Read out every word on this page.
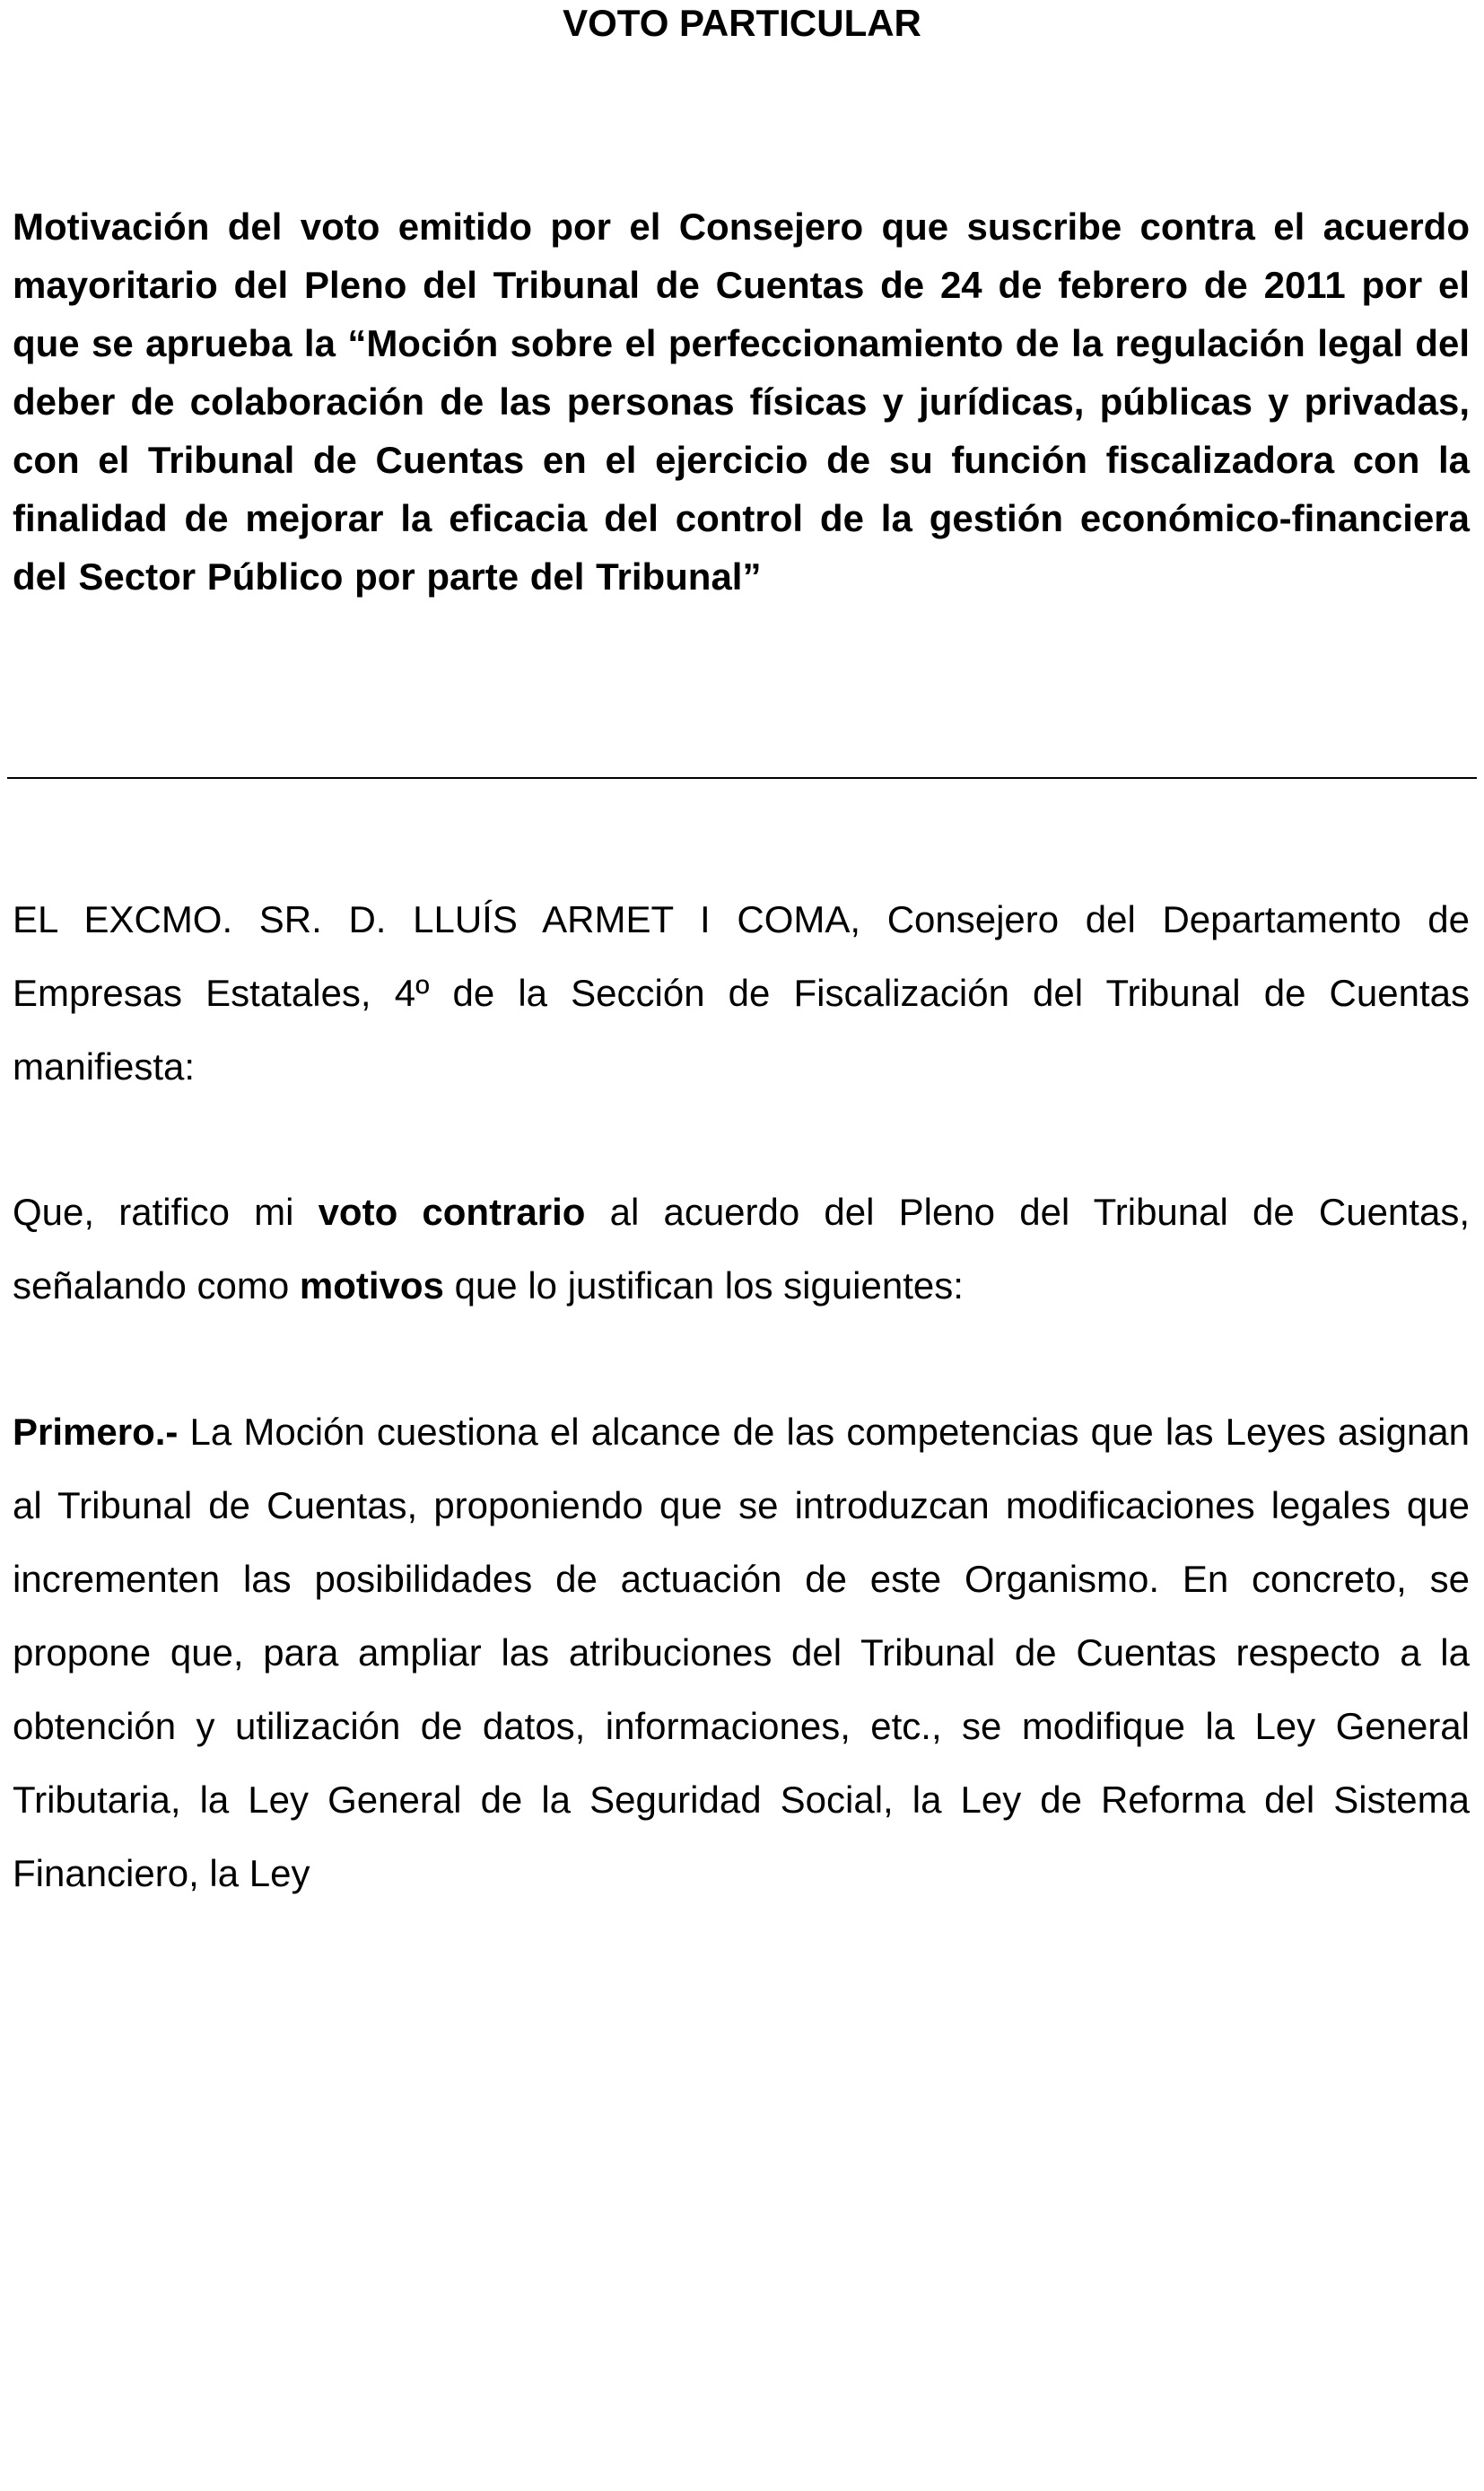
VOTO PARTICULAR

Motivación del voto emitido por el Consejero que suscribe contra el acuerdo mayoritario del Pleno del Tribunal de Cuentas de 24 de febrero de 2011 por el que se aprueba la “Moción sobre el perfeccionamiento de la regulación legal del deber de colaboración de las personas físicas y jurídicas, públicas y privadas, con el Tribunal de Cuentas en el ejercicio de su función fiscalizadora con la finalidad de mejorar la eficacia del control de la gestión económico-financiera del Sector Público por parte del Tribunal”

EL EXCMO. SR. D. LLUÍS ARMET I COMA, Consejero del Departamento de Empresas Estatales, 4º de la Sección de Fiscalización del Tribunal de Cuentas manifiesta:

Que, ratifico mi voto contrario al acuerdo del Pleno del Tribunal de Cuentas, señalando como motivos que lo justifican los siguientes:

Primero.- La Moción cuestiona el alcance de las competencias que las Leyes asignan al Tribunal de Cuentas, proponiendo que se introduzcan modificaciones legales que incrementen las posibilidades de actuación de este Organismo. En concreto, se propone que, para ampliar las atribuciones del Tribunal de Cuentas respecto a la obtención y utilización de datos, informaciones, etc., se modifique la Ley General Tributaria, la Ley General de la Seguridad Social, la Ley de Reforma del Sistema Financiero, la Ley
